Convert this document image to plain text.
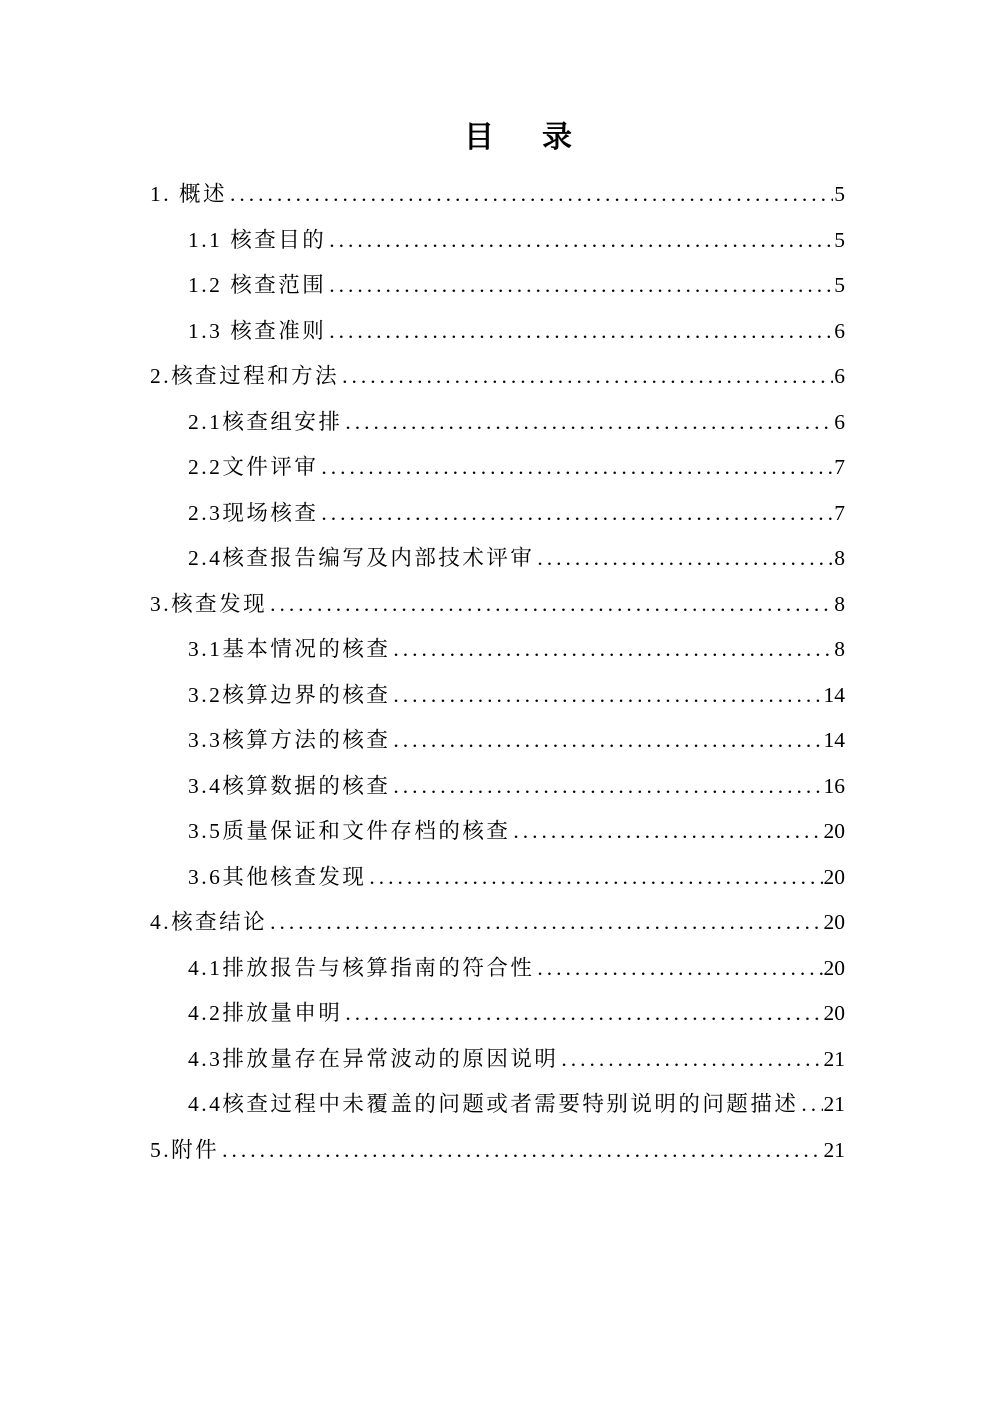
目　录
1. 概述 .....	5
1.1 核查目的 .....	5
1.2 核查范围 .....	5
1.3 核查准则 .....	6
2.核查过程和方法 .....	6
2.1核查组安排 .....	6
2.2文件评审 .....	7
2.3现场核查 .....	7
2.4核查报告编写及内部技术评审 .....	8
3.核查发现 .....	8
3.1基本情况的核查 .....	8
3.2核算边界的核查 .....	14
3.3核算方法的核查 .....	14
3.4核算数据的核查 .....	16
3.5质量保证和文件存档的核查 .....	20
3.6其他核查发现 .....	20
4.核查结论 .....	20
4.1排放报告与核算指南的符合性 .....	20
4.2排放量申明 .....	20
4.3排放量存在异常波动的原因说明 .....	21
4.4核查过程中未覆盖的问题或者需要特别说明的问题描述 ..... 21
5.附件 .....	21
